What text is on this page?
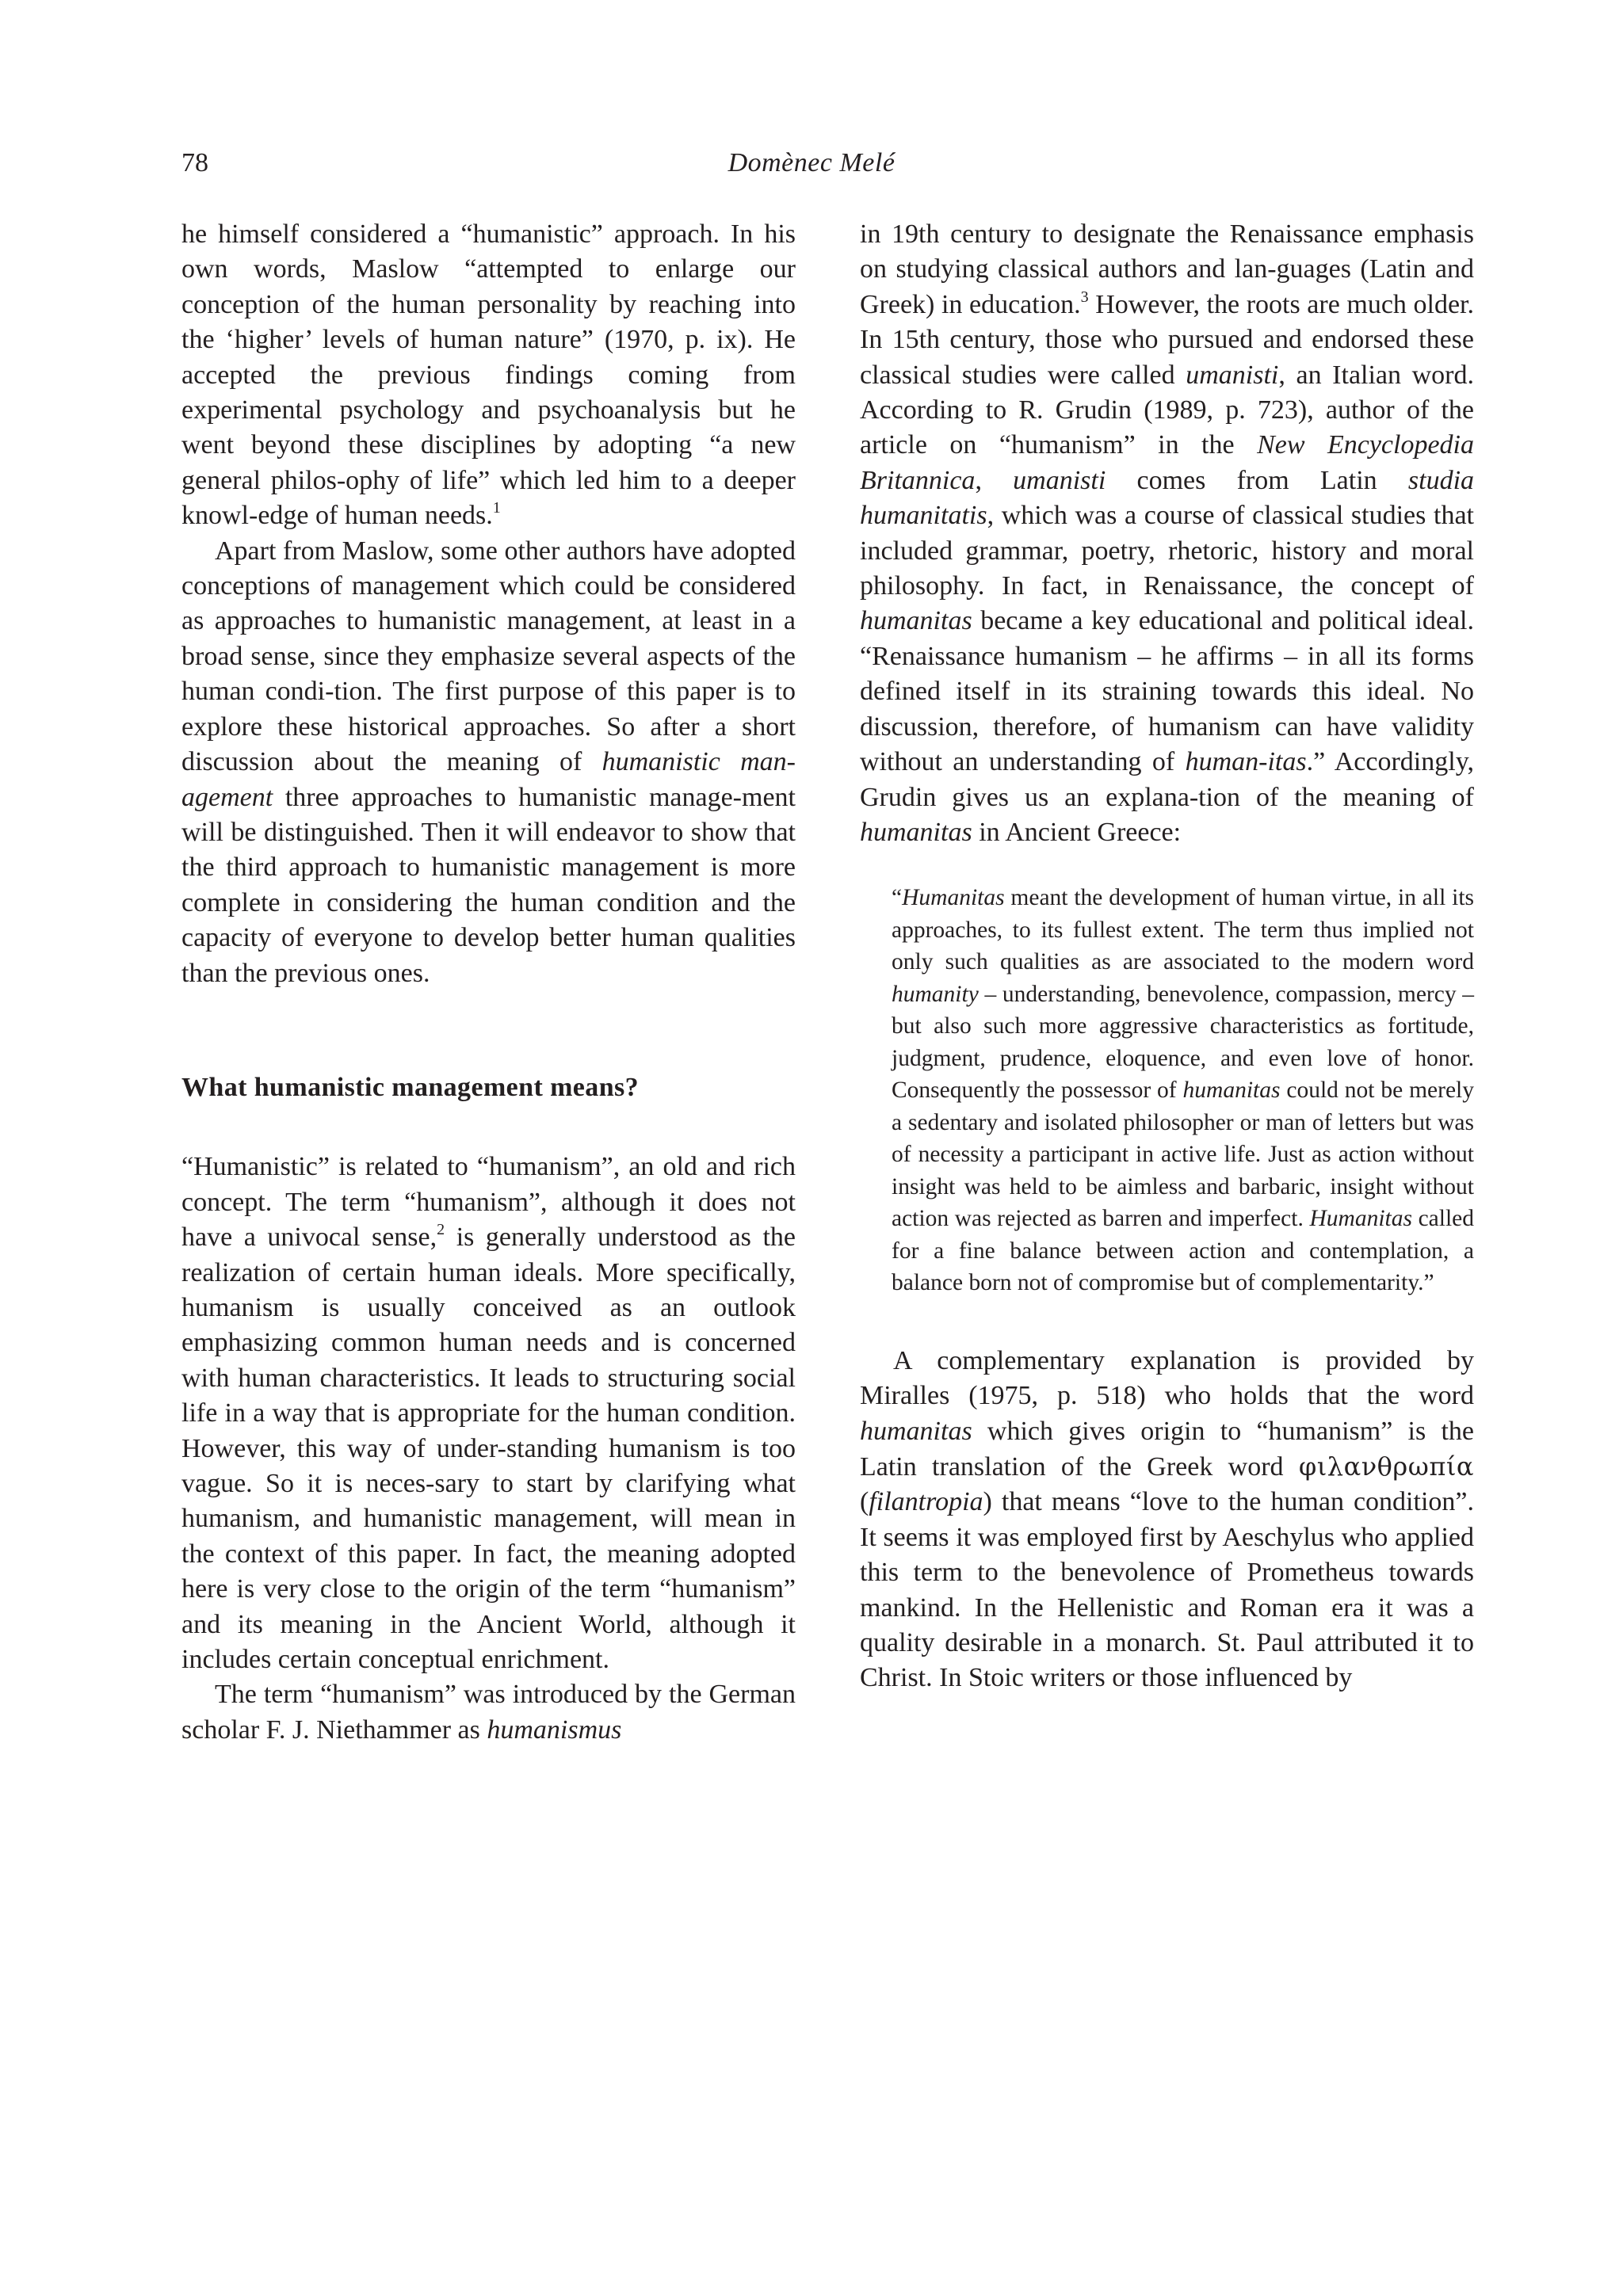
78	Domènec Melé

he himself considered a “humanistic” approach. In his own words, Maslow “attempted to enlarge our conception of the human personality by reaching into the ‘higher’ levels of human nature” (1970, p. ix). He accepted the previous findings coming from experimental psychology and psychoanalysis but he went beyond these disciplines by adopting “a new general philos-ophy of life” which led him to a deeper knowl-edge of human needs.$^1$

Apart from Maslow, some other authors have adopted conceptions of management which could be considered as approaches to humanistic management, at least in a broad sense, since they emphasize several aspects of the human condi-tion. The first purpose of this paper is to explore these historical approaches. So after a short discussion about the meaning of humanistic man-agement three approaches to humanistic manage-ment will be distinguished. Then it will endeavor to show that the third approach to humanistic management is more complete in considering the human condition and the capacity of everyone to develop better human qualities than the previous ones.

What humanistic management means?

“Humanistic” is related to “humanism”, an old and rich concept. The term “humanism”, although it does not have a univocal sense,$^2$ is generally understood as the realization of certain human ideals. More specifically, humanism is usually conceived as an outlook emphasizing common human needs and is concerned with human characteristics. It leads to structuring social life in a way that is appropriate for the human condition. However, this way of under-standing humanism is too vague. So it is neces-sary to start by clarifying what humanism, and humanistic management, will mean in the context of this paper. In fact, the meaning adopted here is very close to the origin of the term “humanism” and its meaning in the Ancient World, although it includes certain conceptual enrichment.

The term “humanism” was introduced by the German scholar F. J. Niethammer as humanismus

in 19th century to designate the Renaissance emphasis on studying classical authors and lan-guages (Latin and Greek) in education.$^3$ However, the roots are much older. In 15th century, those who pursued and endorsed these classical studies were called umanisti, an Italian word. According to R. Grudin (1989, p. 723), author of the article on “humanism” in the New Encyclopedia Britannica, umanisti comes from Latin studia humanitatis, which was a course of classical studies that included grammar, poetry, rhetoric, history and moral philosophy. In fact, in Renaissance, the concept of humanitas became a key educational and political ideal. “Renaissance humanism – he affirms – in all its forms defined itself in its straining towards this ideal. No discussion, therefore, of humanism can have validity without an understanding of human-itas.” Accordingly, Grudin gives us an explana-tion of the meaning of humanitas in Ancient Greece:

“Humanitas meant the development of human virtue, in all its approaches, to its fullest extent. The term thus implied not only such qualities as are associated to the modern word humanity – understanding, benevolence, compassion, mercy – but also such more aggressive characteristics as fortitude, judgment, prudence, eloquence, and even love of honor. Consequently the possessor of humanitas could not be merely a sedentary and isolated philosopher or man of letters but was of necessity a participant in active life. Just as action without insight was held to be aimless and barbaric, insight without action was rejected as barren and imperfect. Humanitas called for a fine balance between action and contemplation, a balance born not of compromise but of complementarity.”

A complementary explanation is provided by Miralles (1975, p. 518) who holds that the word humanitas which gives origin to “humanism” is the Latin translation of the Greek word φιλανθρωπία (filantropia) that means “love to the human condition”. It seems it was employed first by Aeschylus who applied this term to the benevolence of Prometheus towards mankind. In the Hellenistic and Roman era it was a quality desirable in a monarch. St. Paul attributed it to Christ. In Stoic writers or those influenced by
